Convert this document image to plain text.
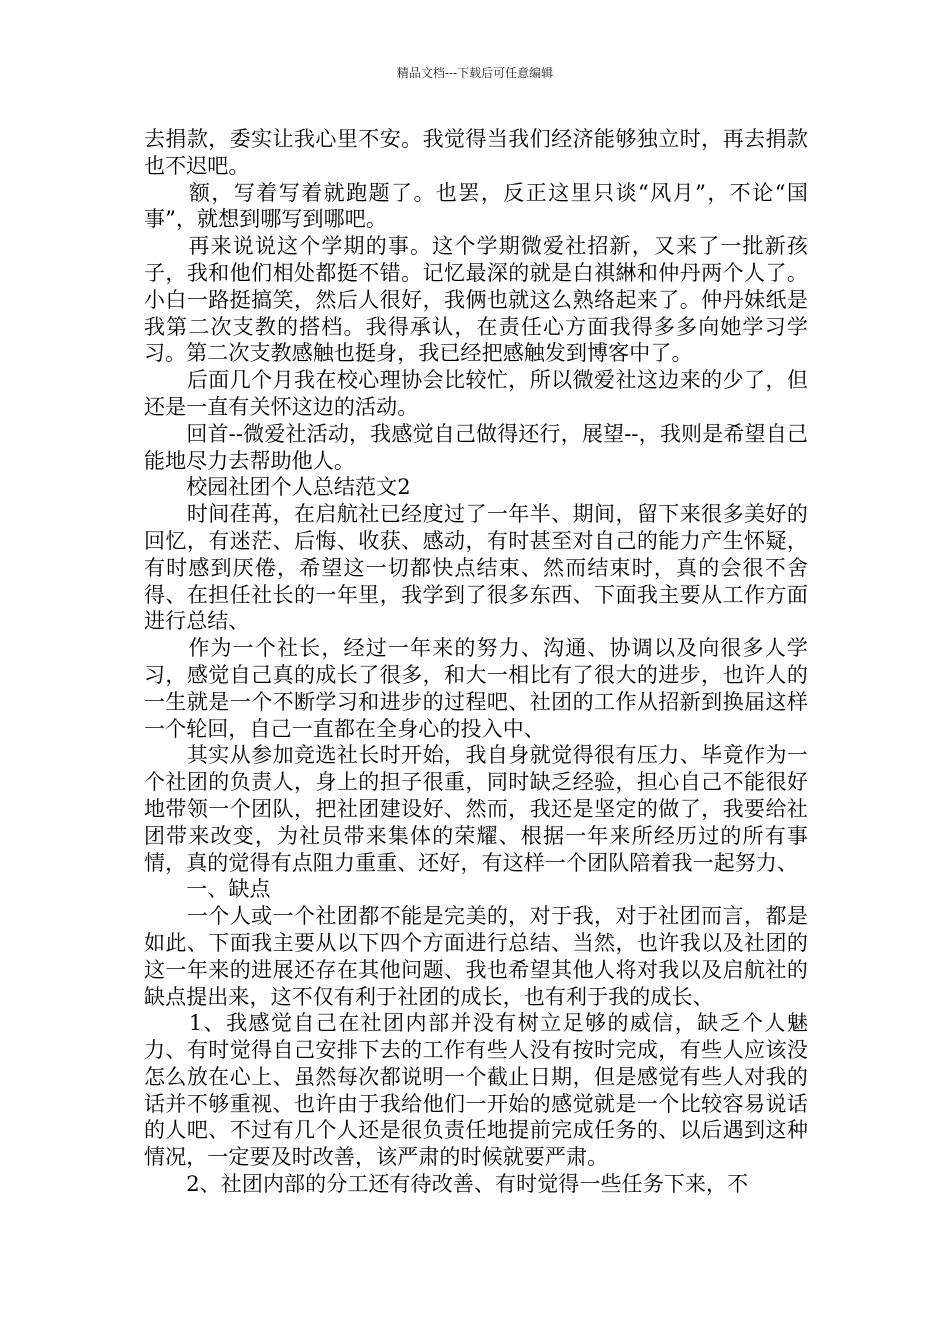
精品文档---下载后可任意编辑

去捐款，委实让我心里不安。我觉得当我们经济能够独立时，再去捐款也不迟吧。

　　额，写着写着就跑题了。也罢，反正这里只谈“风月”，不论“国事”，就想到哪写到哪吧。

　　再来说说这个学期的事。这个学期微爱社招新，又来了一批新孩子，我和他们相处都挺不错。记忆最深的就是白祺綝和仲丹两个人了。小白一路挺搞笑，然后人很好，我俩也就这么熟络起来了。仲丹妹纸是我第二次支教的搭档。我得承认，在责任心方面我得多多向她学习学习。第二次支教感触也挺身，我已经把感触发到博客中了。

　　后面几个月我在校心理协会比较忙，所以微爱社这边来的少了，但还是一直有关怀这边的活动。

　　回首--微爱社活动，我感觉自己做得还行，展望--，我则是希望自己能地尽力去帮助他人。

　　校园社团个人总结范文2

　　时间荏苒，在启航社已经度过了一年半、期间，留下来很多美好的回忆，有迷茫、后悔、收获、感动，有时甚至对自己的能力产生怀疑，有时感到厌倦，希望这一切都快点结束、然而结束时，真的会很不舍得、在担任社长的一年里，我学到了很多东西、下面我主要从工作方面进行总结、

　　作为一个社长，经过一年来的努力、沟通、协调以及向很多人学习，感觉自己真的成长了很多，和大一相比有了很大的进步，也许人的一生就是一个不断学习和进步的过程吧、社团的工作从招新到换届这样一个轮回，自己一直都在全身心的投入中、

　　其实从参加竞选社长时开始，我自身就觉得很有压力、毕竟作为一个社团的负责人，身上的担子很重，同时缺乏经验，担心自己不能很好地带领一个团队，把社团建设好、然而，我还是坚定的做了，我要给社团带来改变，为社员带来集体的荣耀、根据一年来所经历过的所有事情，真的觉得有点阻力重重、还好，有这样一个团队陪着我一起努力、

　　一、缺点

　　一个人或一个社团都不能是完美的，对于我，对于社团而言，都是如此、下面我主要从以下四个方面进行总结、当然，也许我以及社团的这一年来的进展还存在其他问题、我也希望其他人将对我以及启航社的缺点提出来，这不仅有利于社团的成长，也有利于我的成长、

　　1、我感觉自己在社团内部并没有树立足够的威信，缺乏个人魅力、有时觉得自己安排下去的工作有些人没有按时完成，有些人应该没怎么放在心上、虽然每次都说明一个截止日期，但是感觉有些人对我的话并不够重视、也许由于我给他们一开始的感觉就是一个比较容易说话的人吧、不过有几个人还是很负责任地提前完成任务的、以后遇到这种情况，一定要及时改善，该严肃的时候就要严肃。

　　2、社团内部的分工还有待改善、有时觉得一些任务下来，不
